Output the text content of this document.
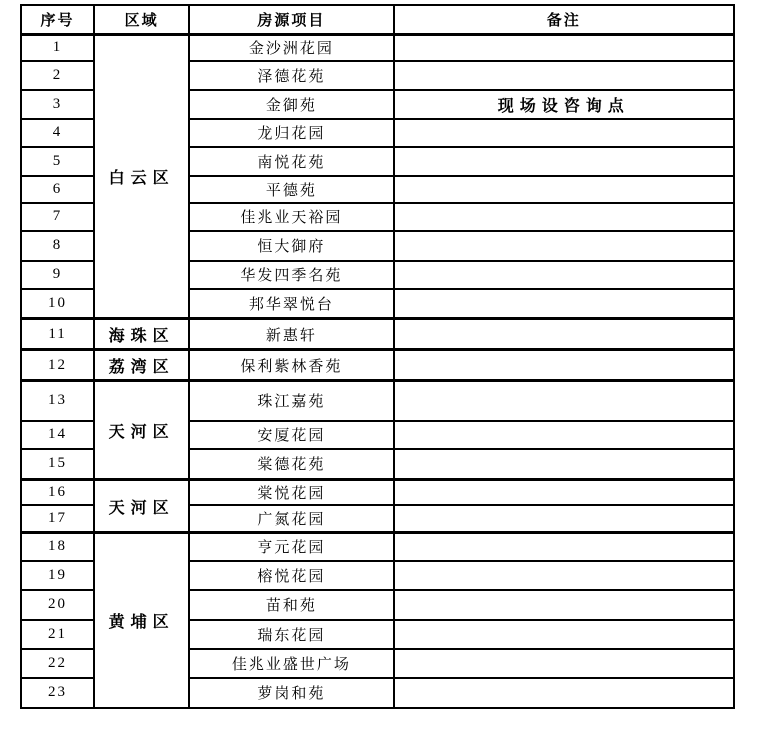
序号	区域	房源项目	备注
1	白云区	金沙洲花园	
2		泽德花苑	
3		金御苑	现场设咨询点
4		龙归花园	
5		南悦花苑	
6		平德苑	
7		佳兆业天裕园	
8		恒大御府	
9		华发四季名苑	
10		邦华翠悦台	
11	海珠区	新惠轩	
12	荔湾区	保利紫林香苑	
13	天河区	珠江嘉苑	
14		安厦花园	
15		棠德花苑	
16	天河区	棠悦花园	
17		广氮花园	
18	黄埔区	亨元花园	
19		榕悦花园	
20		苗和苑	
21		瑞东花园	
22		佳兆业盛世广场	
23		萝岗和苑	
